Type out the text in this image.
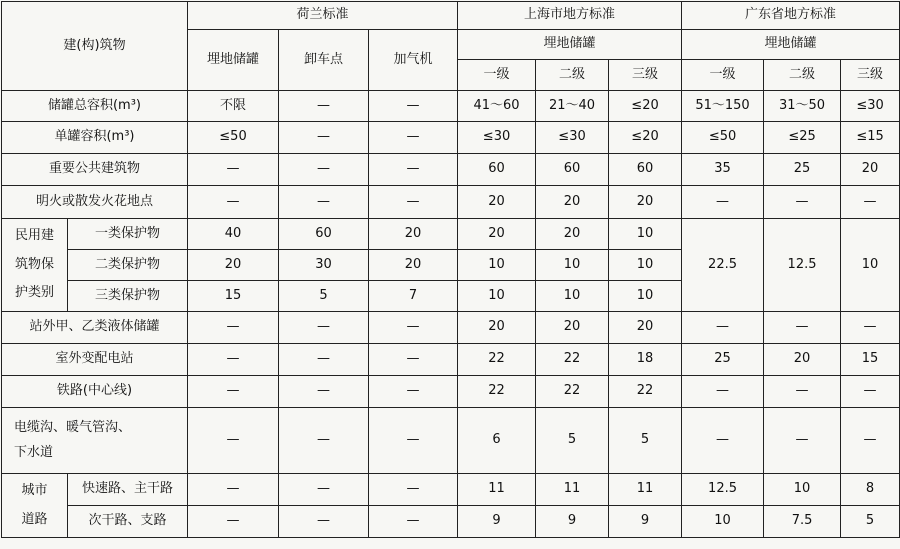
建(构)筑物		荷兰标准			上海市地方标准			广东省地方标准		
		埋地储罐	卸车点	加气机	埋地储罐			埋地储罐		
					一级	二级	三级	一级	二级	三级
储罐总容积(m³)		不限	—	—	41～60	21～40	≤20	51～150	31～50	≤30
单罐容积(m³)		≤50	—	—	≤30	≤30	≤20	≤50	≤25	≤15
重要公共建筑物		—	—	—	60	60	60	35	25	20
明火或散发火花地点		—	—	—	20	20	20	—	—	—
民用建
筑物保
护类别	一类保护物	40	60	20	20	20	10	22.5	12.5	10
	二类保护物	20	30	20	10	10	10			
	三类保护物	15	5	7	10	10	10			
站外甲、乙类液体储罐		—	—	—	20	20	20	—	—	—
室外变配电站		—	—	—	22	22	18	25	20	15
铁路(中心线)		—	—	—	22	22	22	—	—	—
电缆沟、暖气管沟、
下水道		—	—	—	6	5	5	—	—	—
城市
道路	快速路、主干路	—	—	—	11	11	11	12.5	10	8
	次干路、支路	—	—	—	9	9	9	10	7.5	5
